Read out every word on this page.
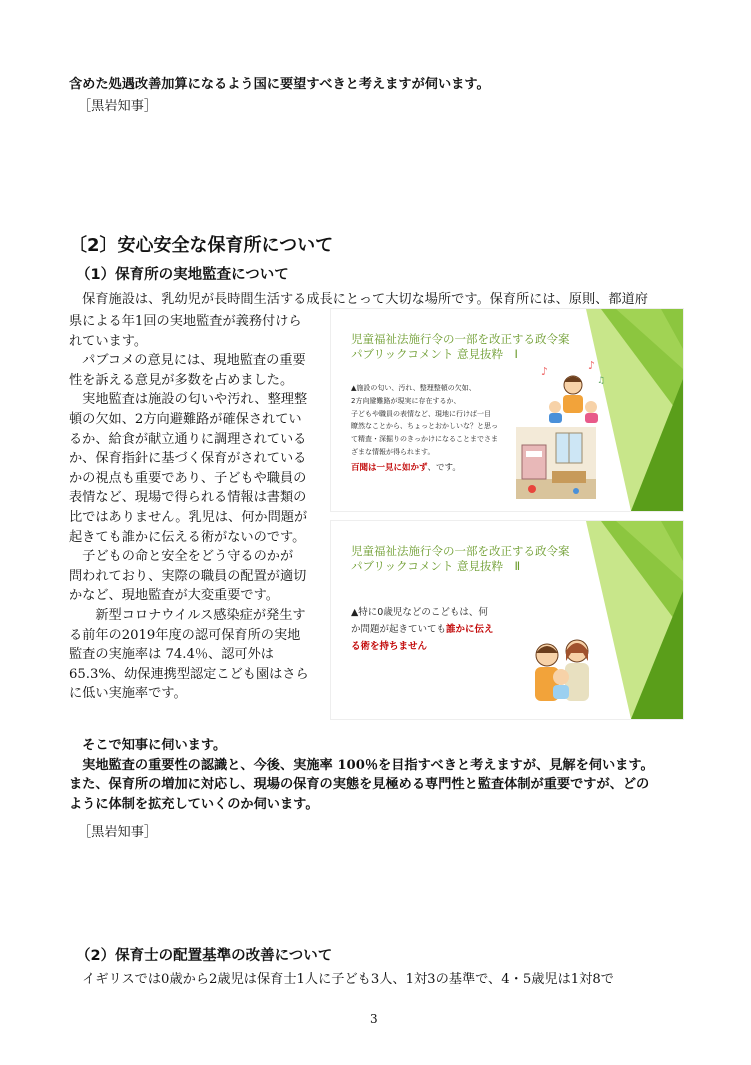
含めた処遇改善加算になるよう国に要望すべきと考えますが伺います。
［黒岩知事］
〔2〕安心安全な保育所について
（1）保育所の実地監査について
　保育施設は、乳幼児が長時間生活する成長にとって大切な場所です。保育所には、原則、都道府
県による年1回の実地監査が義務付けら
れています。
　パブコメの意見には、現地監査の重要
性を訴える意見が多数を占めました。
　実地監査は施設の匂いや汚れ、整理整
頓の欠如、2方向避難路が確保されてい
るか、給食が献立通りに調理されている
か、保育指針に基づく保育がされている
かの視点も重要であり、子どもや職員の
表情など、現場で得られる情報は書類の
比ではありません。乳児は、何か問題が
起きても誰かに伝える術がないのです。
　子どもの命と安全をどう守るのかが
問われており、実際の職員の配置が適切
かなど、現地監査が大変重要です。
　　新型コロナウイルス感染症が発生す
る前年の2019年度の認可保育所の実地
監査の実施率は 74.4％、認可外は
65.3%、幼保連携型認定こども園はさら
に低い実施率です。
児童福祉法施行令の一部を改正する政令案
パブリックコメント 意見抜粋　Ⅰ
▲施設の匂い、汚れ、整理整頓の欠如、
2方向避難路が現実に存在するか、
子どもや職員の表情など、現地に行けば一目
瞭然なことから、ちょっとおかしいな？と思っ
て精査・深掘りのきっかけになることまでさま
ざまな情報が得られます。
百聞は一見に如かず、です。
♪	♪
♫
児童福祉法施行令の一部を改正する政令案
パブリックコメント 意見抜粋　Ⅱ
▲特に0歳児などのこどもは、何
か問題が起きていても誰かに伝え
る術を持ちません
　そこで知事に伺います。
　実地監査の重要性の認識と、今後、実施率 100％を目指すべきと考えますが、見解を伺います。
また、保育所の増加に対応し、現場の保育の実態を見極める専門性と監査体制が重要ですが、どの
ように体制を拡充していくのか伺います。
［黒岩知事］
（2）保育士の配置基準の改善について
　イギリスでは0歳から2歳児は保育士1人に子ども3人、1対3の基準で、4・5歳児は1対8で
3
